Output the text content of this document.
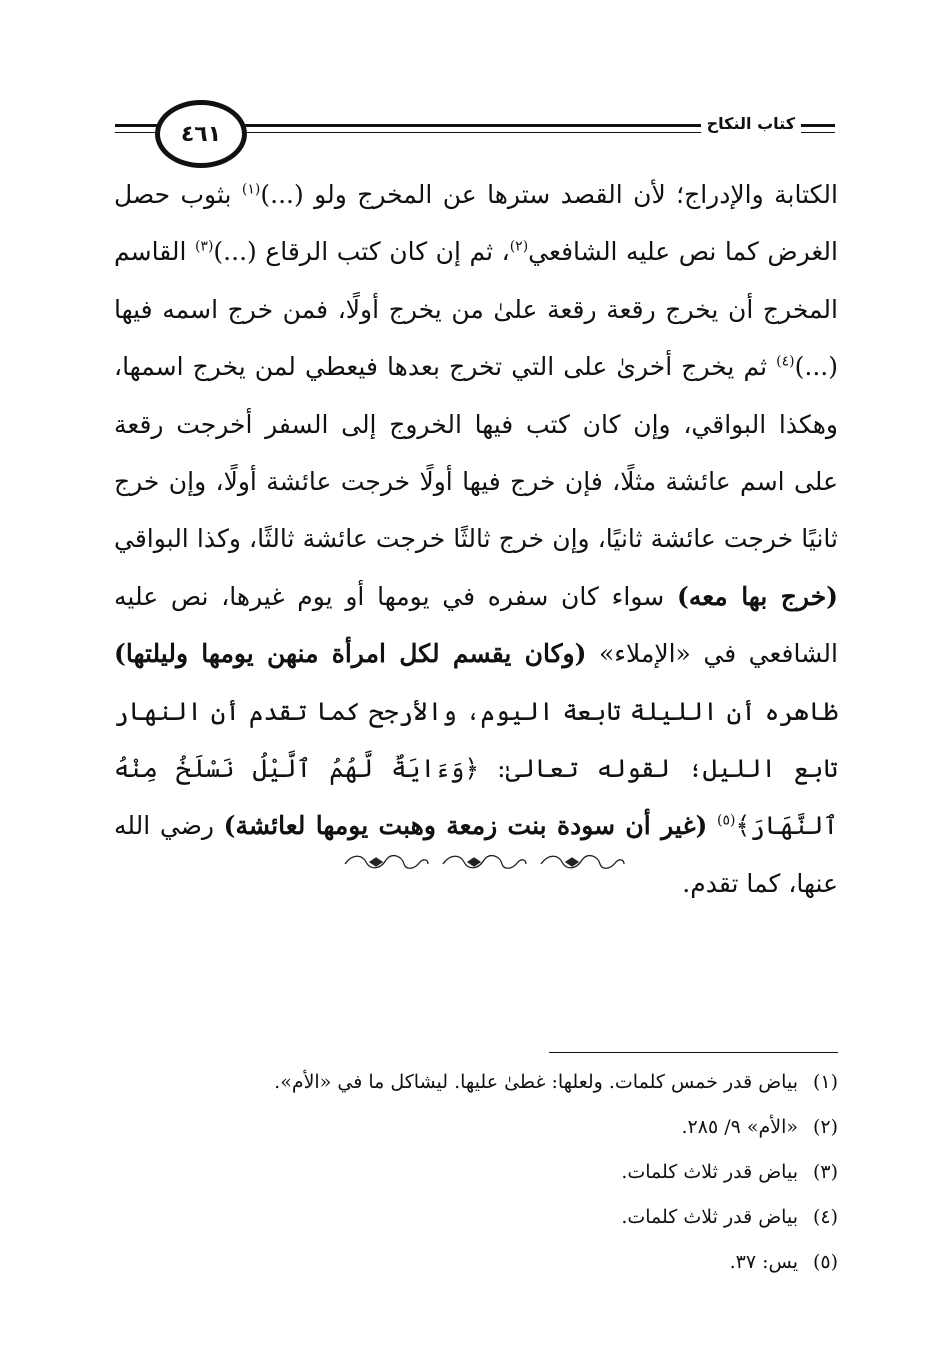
٤٦١	كتاب النكاح
الكتابة والإدراج؛ لأن القصد سترها عن المخرج ولو (...)$^{(١)}$ بثوب حصل الغرض كما نص عليه الشافعي$^{(٢)}$، ثم إن كان كتب الرقاع (...)$^{(٣)}$ القاسم المخرج أن يخرج رقعة رقعة علىٰ من يخرج أولًا، فمن خرج اسمه فيها (...)$^{(٤)}$ ثم يخرج أخرىٰ على التي تخرج بعدها فيعطي لمن يخرج اسمها، وهكذا البواقي، وإن كان كتب فيها الخروج إلى السفر أخرجت رقعة على اسم عائشة مثلًا، فإن خرج فيها أولًا خرجت عائشة أولًا، وإن خرج ثانيًا خرجت عائشة ثانيًا، وإن خرج ثالثًا خرجت عائشة ثالثًا، وكذا البواقي (خرج بها معه) سواء كان سفره في يومها أو يوم غيرها، نص عليه الشافعي في «الإملاء» (وكان يقسم لكل امرأة منهن يومها وليلتها) ظاهره أن الليلة تابعة اليوم، والأرجح كما تقدم أن النهار تابع الليل؛ لقوله تعالىٰ: ﴿وَءَايَةٌ لَّهُمُ ٱلَّيْلُ نَسْلَخُ مِنْهُ ٱلنَّهَارَ﴾$^{(٥)}$ (غير أن سودة بنت زمعة وهبت يومها لعائشة) رضي الله عنها، كما تقدم.
(١)بياض قدر خمس كلمات. ولعلها: غطىٰ عليها. ليشاكل ما في «الأم».
(٢)«الأم» ٩/ ٢٨٥.
(٣)بياض قدر ثلاث كلمات.
(٤)بياض قدر ثلاث كلمات.
(٥)يس: ٣٧.
